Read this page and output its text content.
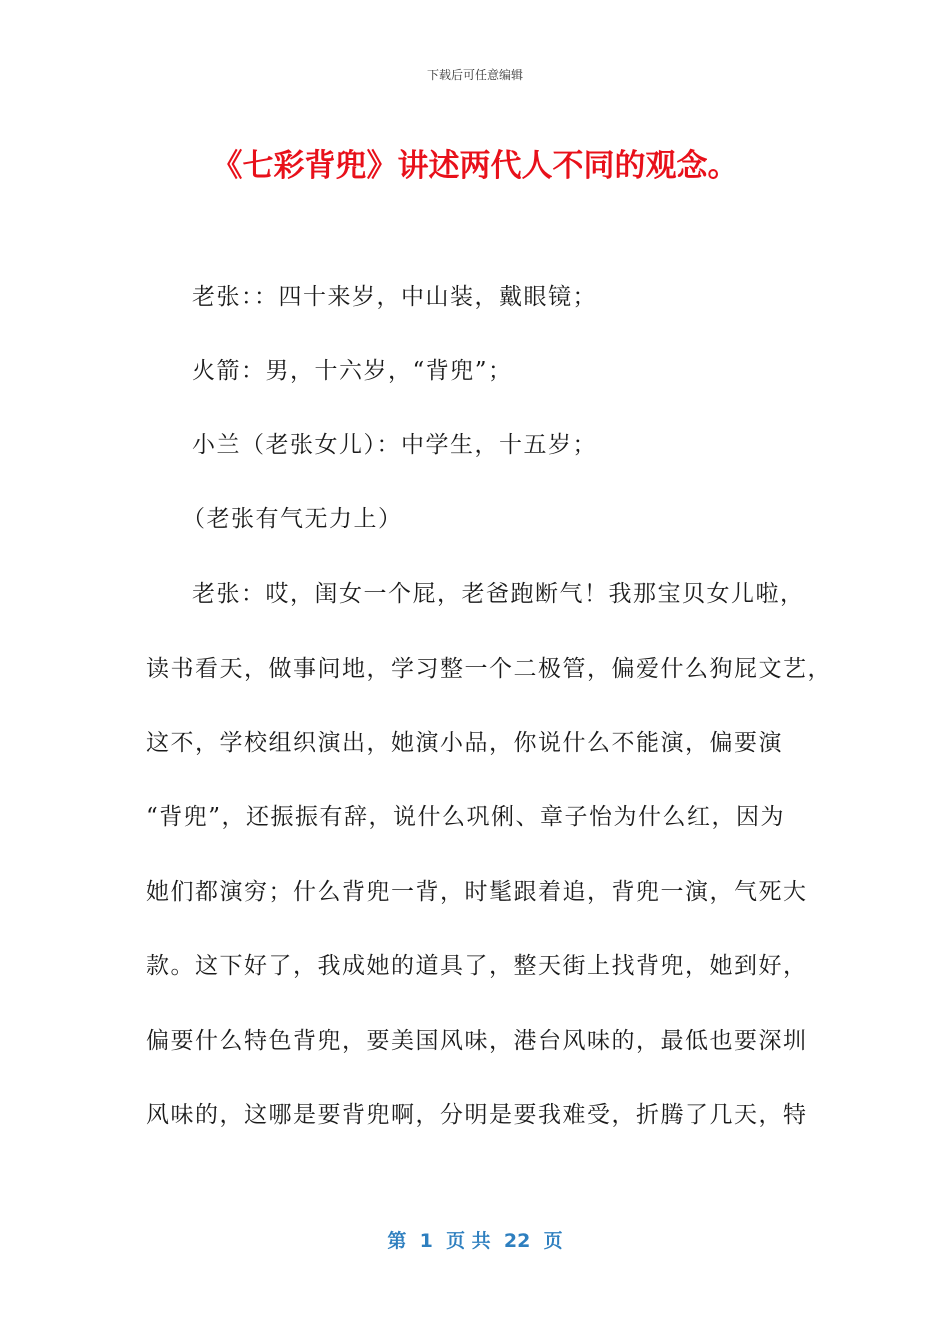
下载后可任意编辑
《七彩背兜》讲述两代人不同的观念。
老张：：四十来岁，中山装，戴眼镜；
火箭：男，十六岁，“背兜”；
小兰（老张女儿）：中学生，十五岁；
（老张有气无力上）
老张：哎，闺女一个屁，老爸跑断气！我那宝贝女儿啦，
读书看天，做事问地，学习整一个二极管，偏爱什么狗屁文艺，
这不，学校组织演出，她演小品，你说什么不能演，偏要演
“背兜”，还振振有辞，说什么巩俐、章子怡为什么红，因为
她们都演穷；什么背兜一背，时髦跟着追，背兜一演，气死大
款。这下好了，我成她的道具了，整天街上找背兜，她到好，
偏要什么特色背兜，要美国风味，港台风味的，最低也要深圳
风味的，这哪是要背兜啊，分明是要我难受，折腾了几天，特
第  1  页 共  22  页
